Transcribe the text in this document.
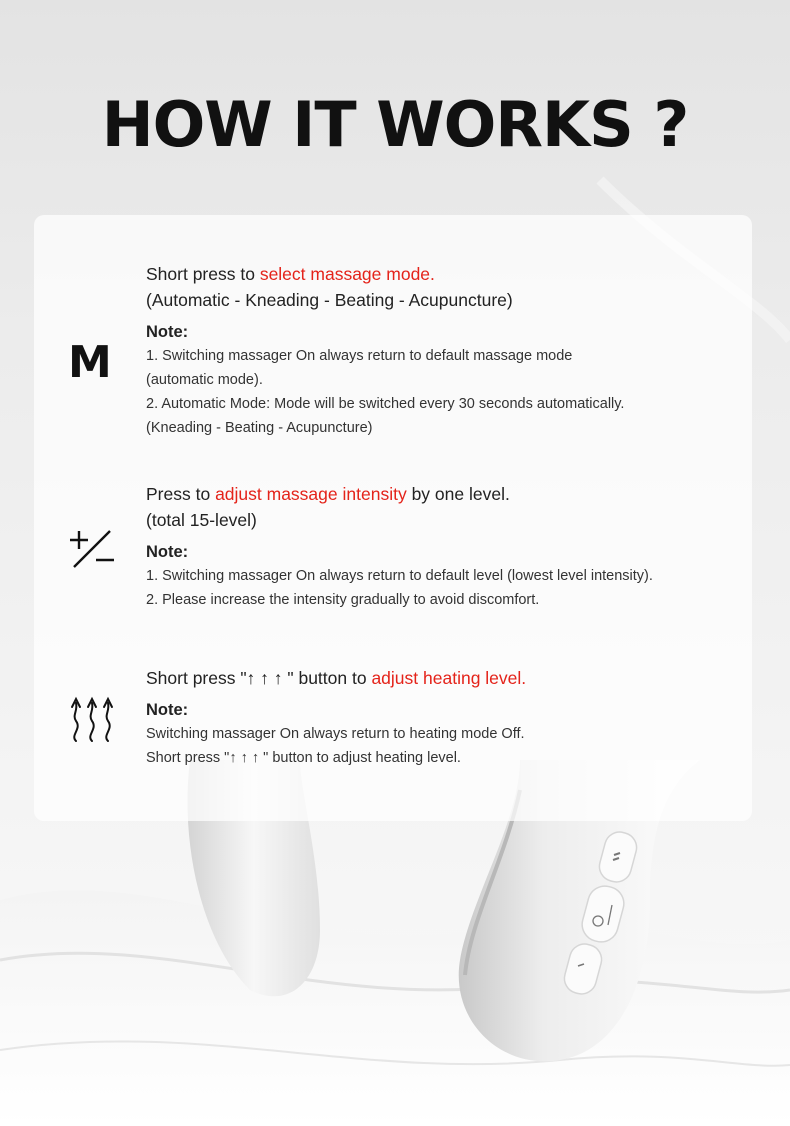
HOW IT WORKS ?
M

Short press to select massage mode.

(Automatic - Kneading - Beating - Acupuncture)

Note:

1. Switching massager On always return to default massage mode

(automatic mode).

2. Automatic Mode: Mode will be switched every 30 seconds automatically.

(Kneading - Beating - Acupuncture)

Press to adjust massage intensity by one level.

(total 15-level)

Note:

1. Switching massager On always return to default level (lowest level intensity).

2. Please increase the intensity gradually to avoid discomfort.

Short press "↑ ↑ ↑ " button to adjust heating level.

Note:

Switching massager On always return to heating mode Off.

Short press "↑ ↑ ↑ " button to adjust heating level.
